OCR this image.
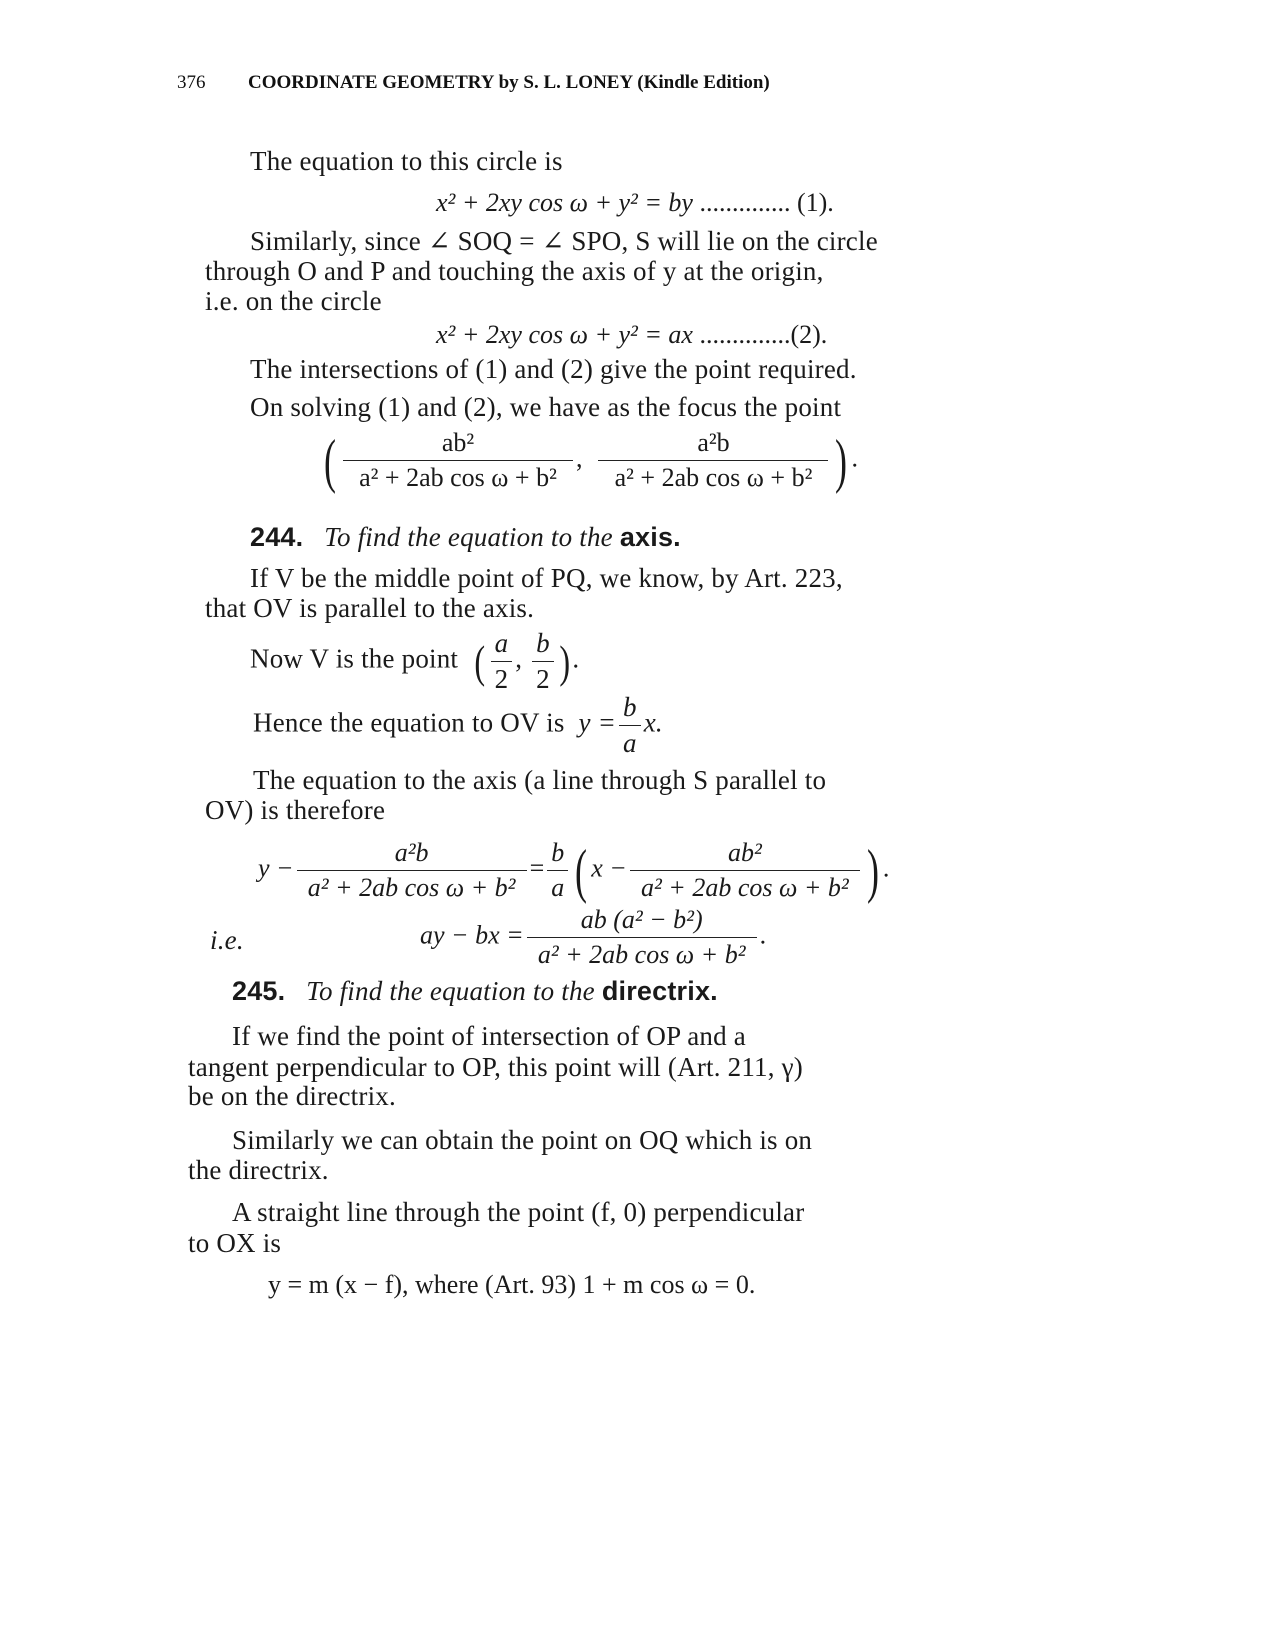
376 COORDINATE GEOMETRY by S. L. LONEY (Kindle Edition)
The equation to this circle is
x² + 2xy cos ω + y² = by .............. (1).
Similarly, since ∠ SOQ = ∠ SPO, S will lie on the circle
through O and P and touching the axis of y at the origin,
i.e. on the circle
x² + 2xy cos ω + y² = ax ..............(2).
The intersections of (1) and (2) give the point required.
On solving (1) and (2), we have as the focus the point
( $\frac{\text{ab²}}{\text{a² + 2ab cos ω + b²}}$ , $\frac{\text{a²b}}{\text{a² + 2ab cos ω + b²}}$ ) .
244. To find the equation to the axis.
If V be the middle point of PQ, we know, by Art. 223,
that OV is parallel to the axis.
Now V is the point ( $\frac{a}{2}$ , $\frac{b}{2}$ ).
Hence the equation to OV is $y = \frac{b}{a} x$.
The equation to the axis (a line through S parallel to
OV) is therefore
$y - \frac{\text{a²b}}{\text{a² + 2ab cos ω + b²}} = \frac{b}{a}$ ( $x - \frac{\text{ab²}}{\text{a² + 2ab cos ω + b²}}$ ) .
i.e.	ay − bx = $\frac{\text{ab (a² − b²)}}{\text{a² + 2ab cos ω + b²}}$ .
245. To find the equation to the directrix.
If we find the point of intersection of OP and a
tangent perpendicular to OP, this point will (Art. 211, γ)
be on the directrix.
Similarly we can obtain the point on OQ which is on
the directrix.
A straight line through the point (f, 0) perpendicular
to OX is
y = m (x − f), where (Art. 93) 1 + m cos ω = 0.
